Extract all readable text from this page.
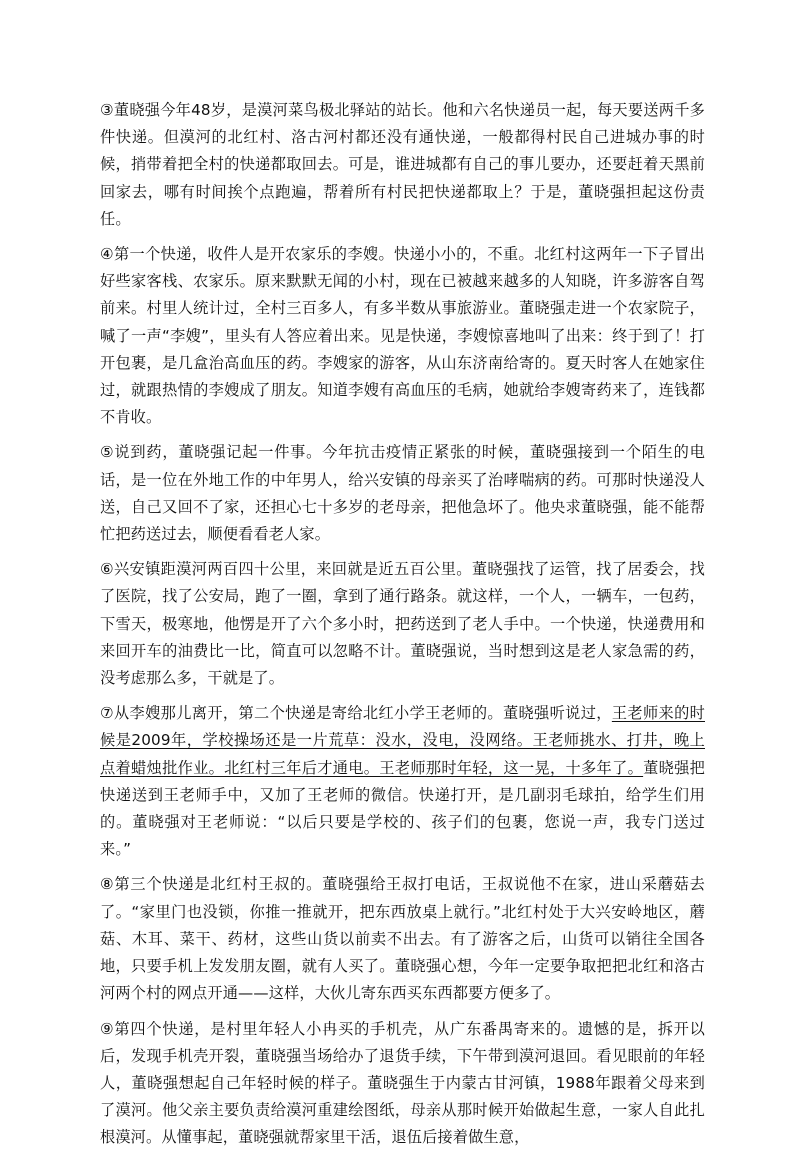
③董晓强今年48岁，是漠河菜鸟极北驿站的站长。他和六名快递员一起，每天要送两千多件快递。但漠河的北红村、洛古河村都还没有通快递，一般都得村民自己进城办事的时候，捎带着把全村的快递都取回去。可是，谁进城都有自己的事儿要办，还要赶着天黑前回家去，哪有时间挨个点跑遍，帮着所有村民把快递都取上？于是，董晓强担起这份责任。

④第一个快递，收件人是开农家乐的李嫂。快递小小的，不重。北红村这两年一下子冒出好些家客栈、农家乐。原来默默无闻的小村，现在已被越来越多的人知晓，许多游客自驾前来。村里人统计过，全村三百多人，有多半数从事旅游业。董晓强走进一个农家院子，喊了一声“李嫂”，里头有人答应着出来。见是快递，李嫂惊喜地叫了出来：终于到了！打开包裹，是几盒治高血压的药。李嫂家的游客，从山东济南给寄的。夏天时客人在她家住过，就跟热情的李嫂成了朋友。知道李嫂有高血压的毛病，她就给李嫂寄药来了，连钱都不肯收。

⑤说到药，董晓强记起一件事。今年抗击疫情正紧张的时候，董晓强接到一个陌生的电话，是一位在外地工作的中年男人，给兴安镇的母亲买了治哮喘病的药。可那时快递没人送，自己又回不了家，还担心七十多岁的老母亲，把他急坏了。他央求董晓强，能不能帮忙把药送过去，顺便看看老人家。

⑥兴安镇距漠河两百四十公里，来回就是近五百公里。董晓强找了运管，找了居委会，找了医院，找了公安局，跑了一圈，拿到了通行路条。就这样，一个人，一辆车，一包药，下雪天，极寒地，他愣是开了六个多小时，把药送到了老人手中。一个快递，快递费用和来回开车的油费比一比，简直可以忽略不计。董晓强说，当时想到这是老人家急需的药，没考虑那么多，干就是了。

⑦从李嫂那儿离开，第二个快递是寄给北红小学王老师的。董晓强听说过，王老师来的时候是2009年，学校操场还是一片荒草：没水，没电，没网络。王老师挑水、打井，晚上点着蜡烛批作业。北红村三年后才通电。王老师那时年轻，这一晃，十多年了。董晓强把快递送到王老师手中，又加了王老师的微信。快递打开，是几副羽毛球拍，给学生们用的。董晓强对王老师说：“以后只要是学校的、孩子们的包裹，您说一声，我专门送过来。”

⑧第三个快递是北红村王叔的。董晓强给王叔打电话，王叔说他不在家，进山采蘑菇去了。“家里门也没锁，你推一推就开，把东西放桌上就行。”北红村处于大兴安岭地区，蘑菇、木耳、菜干、药材，这些山货以前卖不出去。有了游客之后，山货可以销往全国各地，只要手机上发发朋友圈，就有人买了。董晓强心想，今年一定要争取把把北红和洛古河两个村的网点开通——这样，大伙儿寄东西买东西都要方便多了。

⑨第四个快递，是村里年轻人小冉买的手机壳，从广东番禺寄来的。遗憾的是，拆开以后，发现手机壳开裂，董晓强当场给办了退货手续，下午带到漠河退回。看见眼前的年轻人，董晓强想起自己年轻时候的样子。董晓强生于内蒙古甘河镇，1988年跟着父母来到了漠河。他父亲主要负责给漠河重建绘图纸，母亲从那时候开始做起生意，一家人自此扎根漠河。从懂事起，董晓强就帮家里干活，退伍后接着做生意，
